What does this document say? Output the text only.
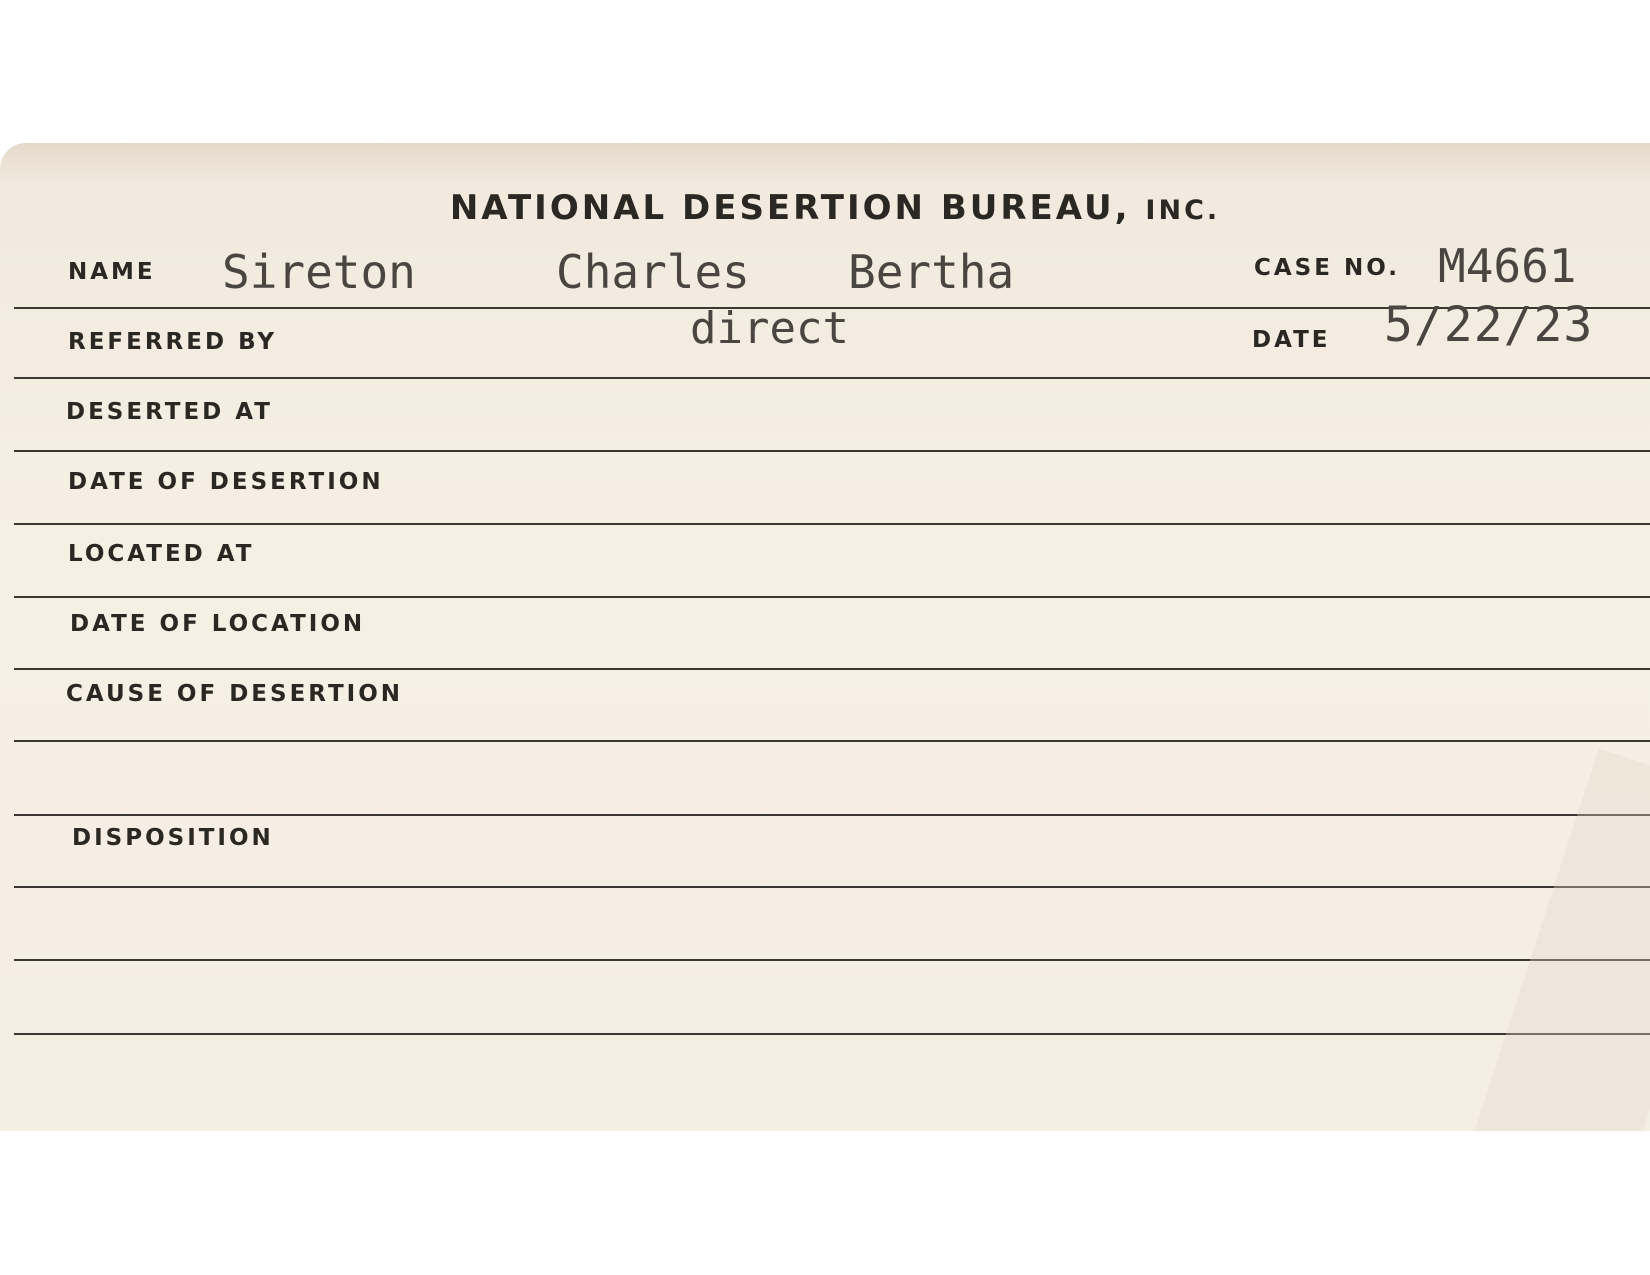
NATIONAL DESERTION BUREAU, INC.
NAME Sireton	Charles Bertha	CASE NO. M4661
REFERRED BY	direct	DATE 5/22/23
DESERTED AT
DATE OF DESERTION
LOCATED AT
DATE OF LOCATION
CAUSE OF DESERTION
DISPOSITION
